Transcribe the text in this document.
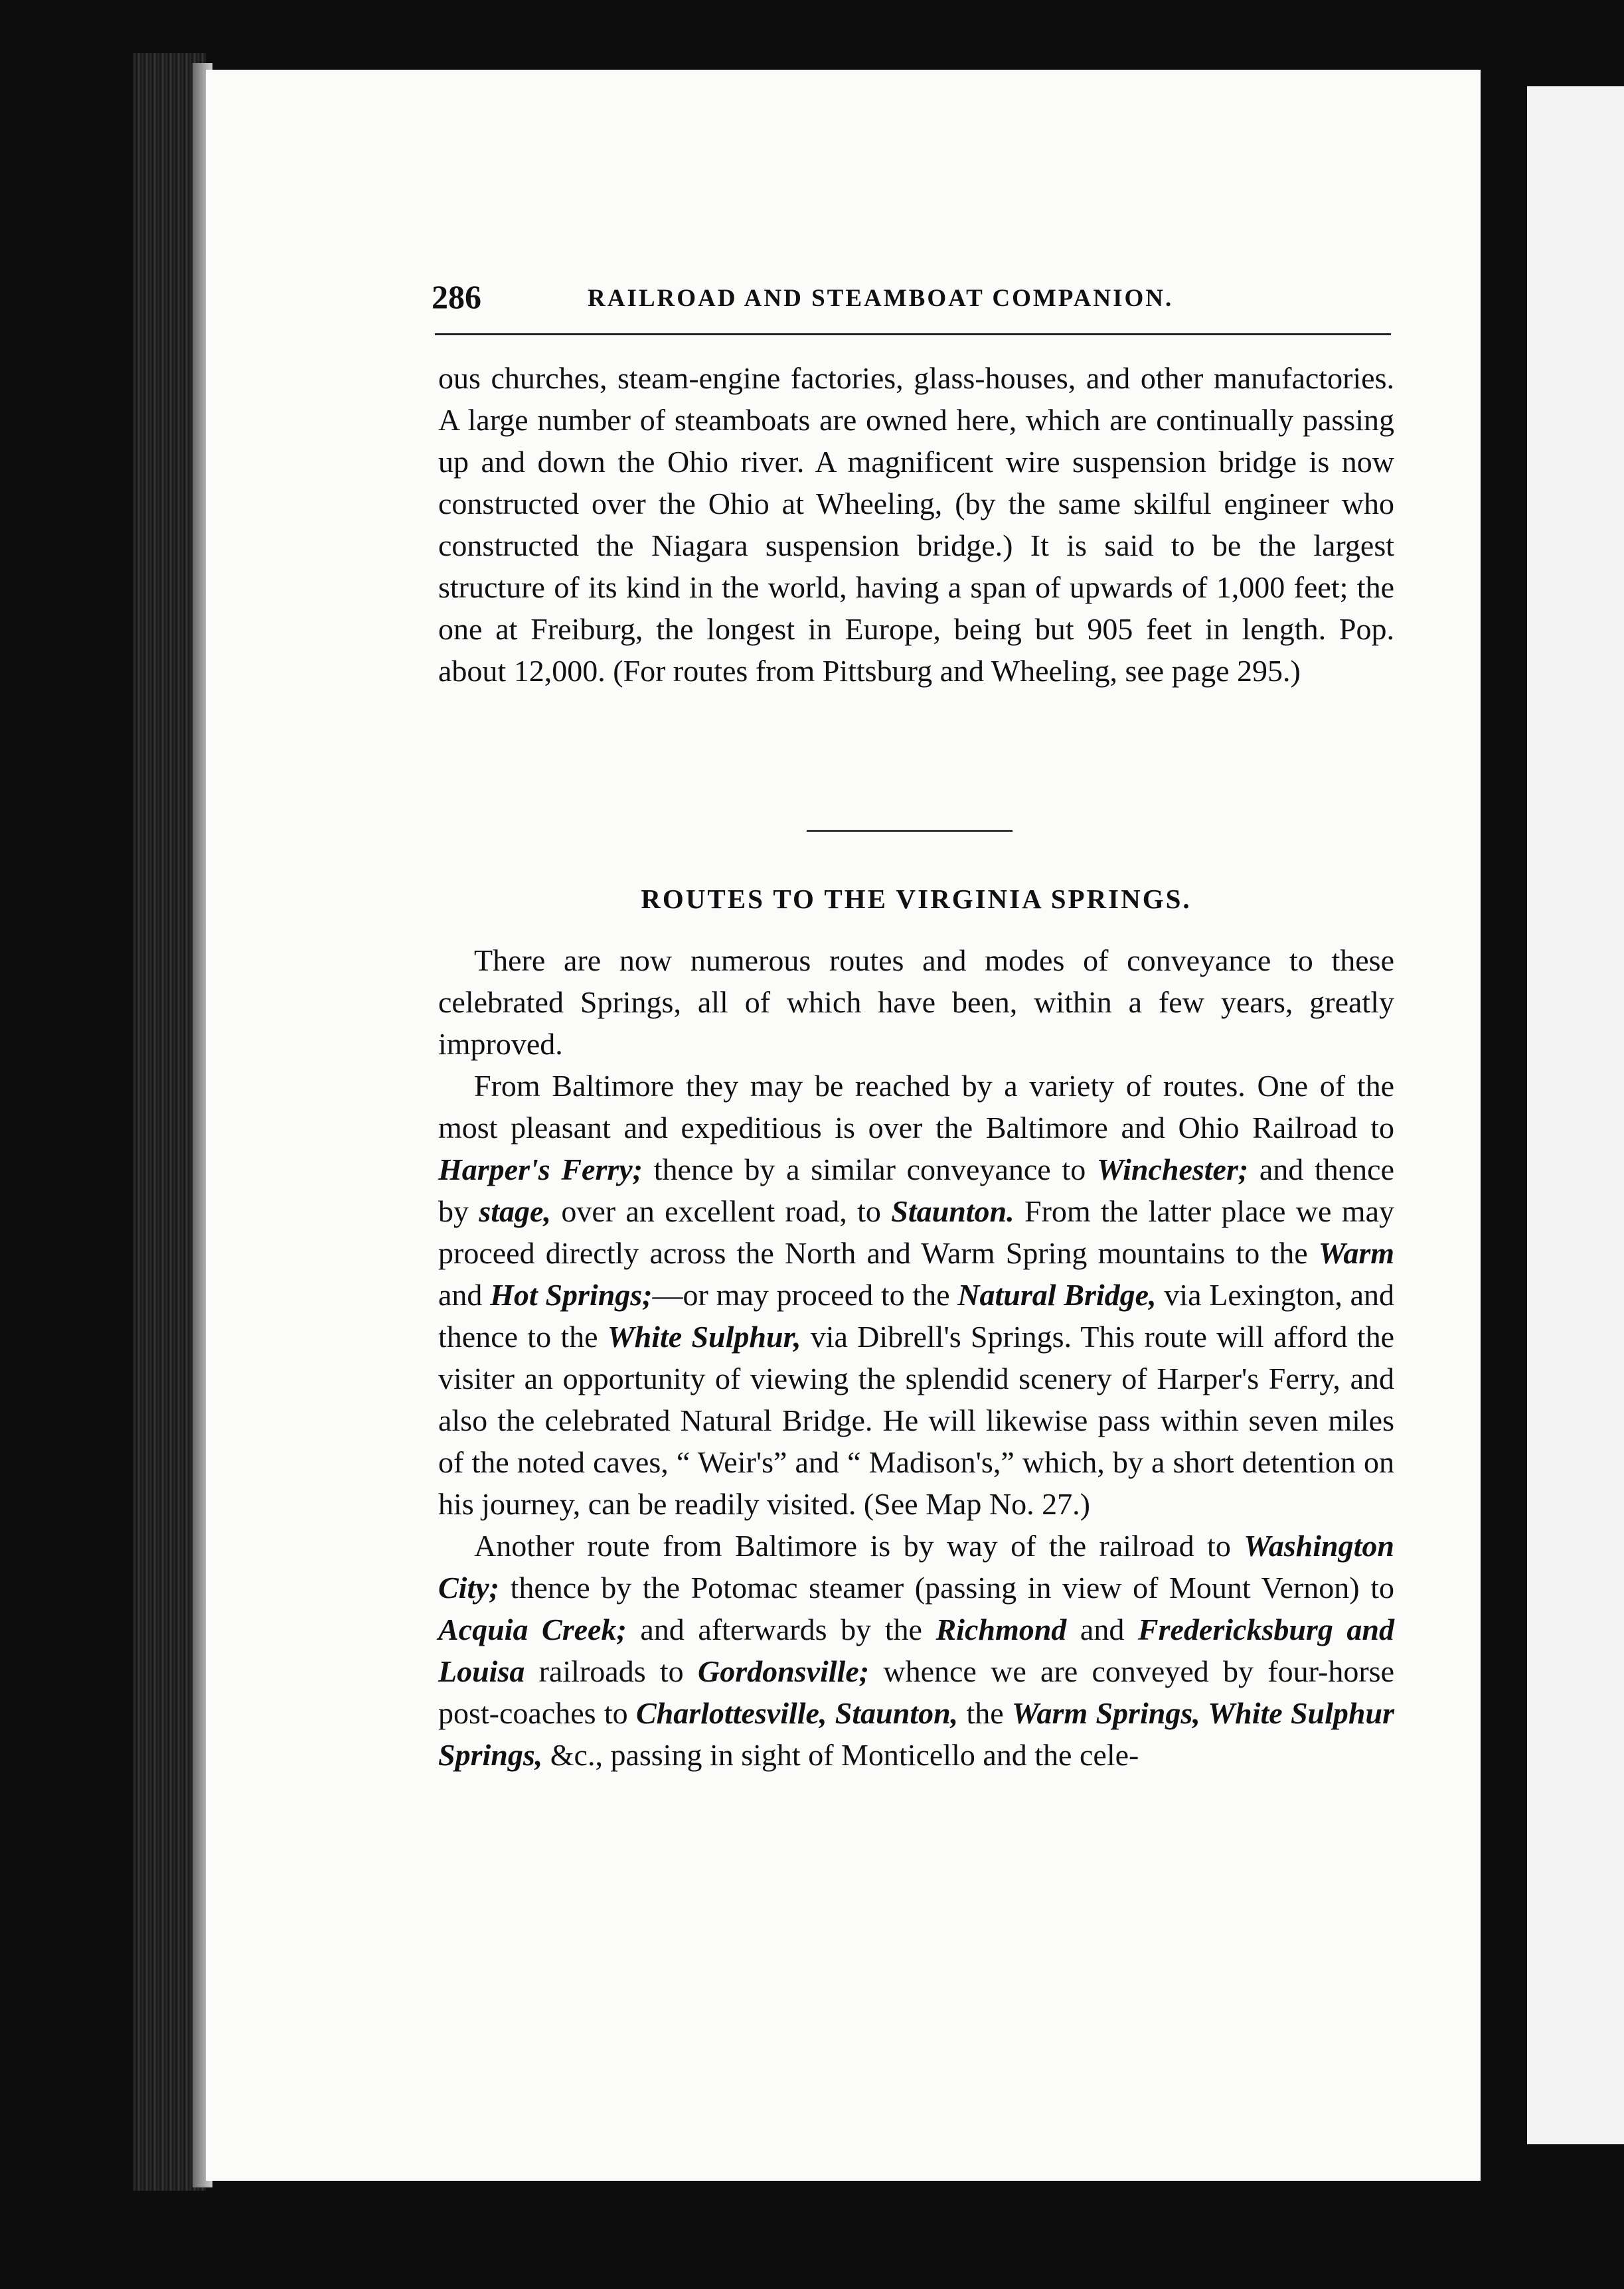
286	RAILROAD AND STEAMBOAT COMPANION.

ous churches, steam-engine factories, glass-houses, and other manufactories. A large number of steamboats are owned here, which are continually passing up and down the Ohio river. A magnificent wire suspension bridge is now constructed over the Ohio at Wheeling, (by the same skilful engineer who constructed the Niagara suspension bridge.) It is said to be the largest structure of its kind in the world, having a span of upwards of 1,000 feet; the one at Freiburg, the longest in Europe, being but 905 feet in length. Pop. about 12,000. (For routes from Pittsburg and Wheeling, see page 295.)

ROUTES TO THE VIRGINIA SPRINGS.

There are now numerous routes and modes of conveyance to these celebrated Springs, all of which have been, within a few years, greatly improved.

From Baltimore they may be reached by a variety of routes. One of the most pleasant and expeditious is over the Baltimore and Ohio Railroad to Harper's Ferry; thence by a similar conveyance to Winchester; and thence by stage, over an excellent road, to Staunton. From the latter place we may proceed directly across the North and Warm Spring mountains to the Warm and Hot Springs;—or may proceed to the Natural Bridge, via Lexington, and thence to the White Sulphur, via Dibrell's Springs. This route will afford the visiter an opportunity of viewing the splendid scenery of Harper's Ferry, and also the celebrated Natural Bridge. He will likewise pass within seven miles of the noted caves, “ Weir's” and “ Madison's,” which, by a short detention on his journey, can be readily visited. (See Map No. 27.)

Another route from Baltimore is by way of the railroad to Washington City; thence by the Potomac steamer (passing in view of Mount Vernon) to Acquia Creek; and afterwards by the Richmond and Fredericksburg and Louisa railroads to Gordonsville; whence we are conveyed by four-horse post-coaches to Charlottesville, Staunton, the Warm Springs, White Sulphur Springs, &c., passing in sight of Monticello and the cele-
